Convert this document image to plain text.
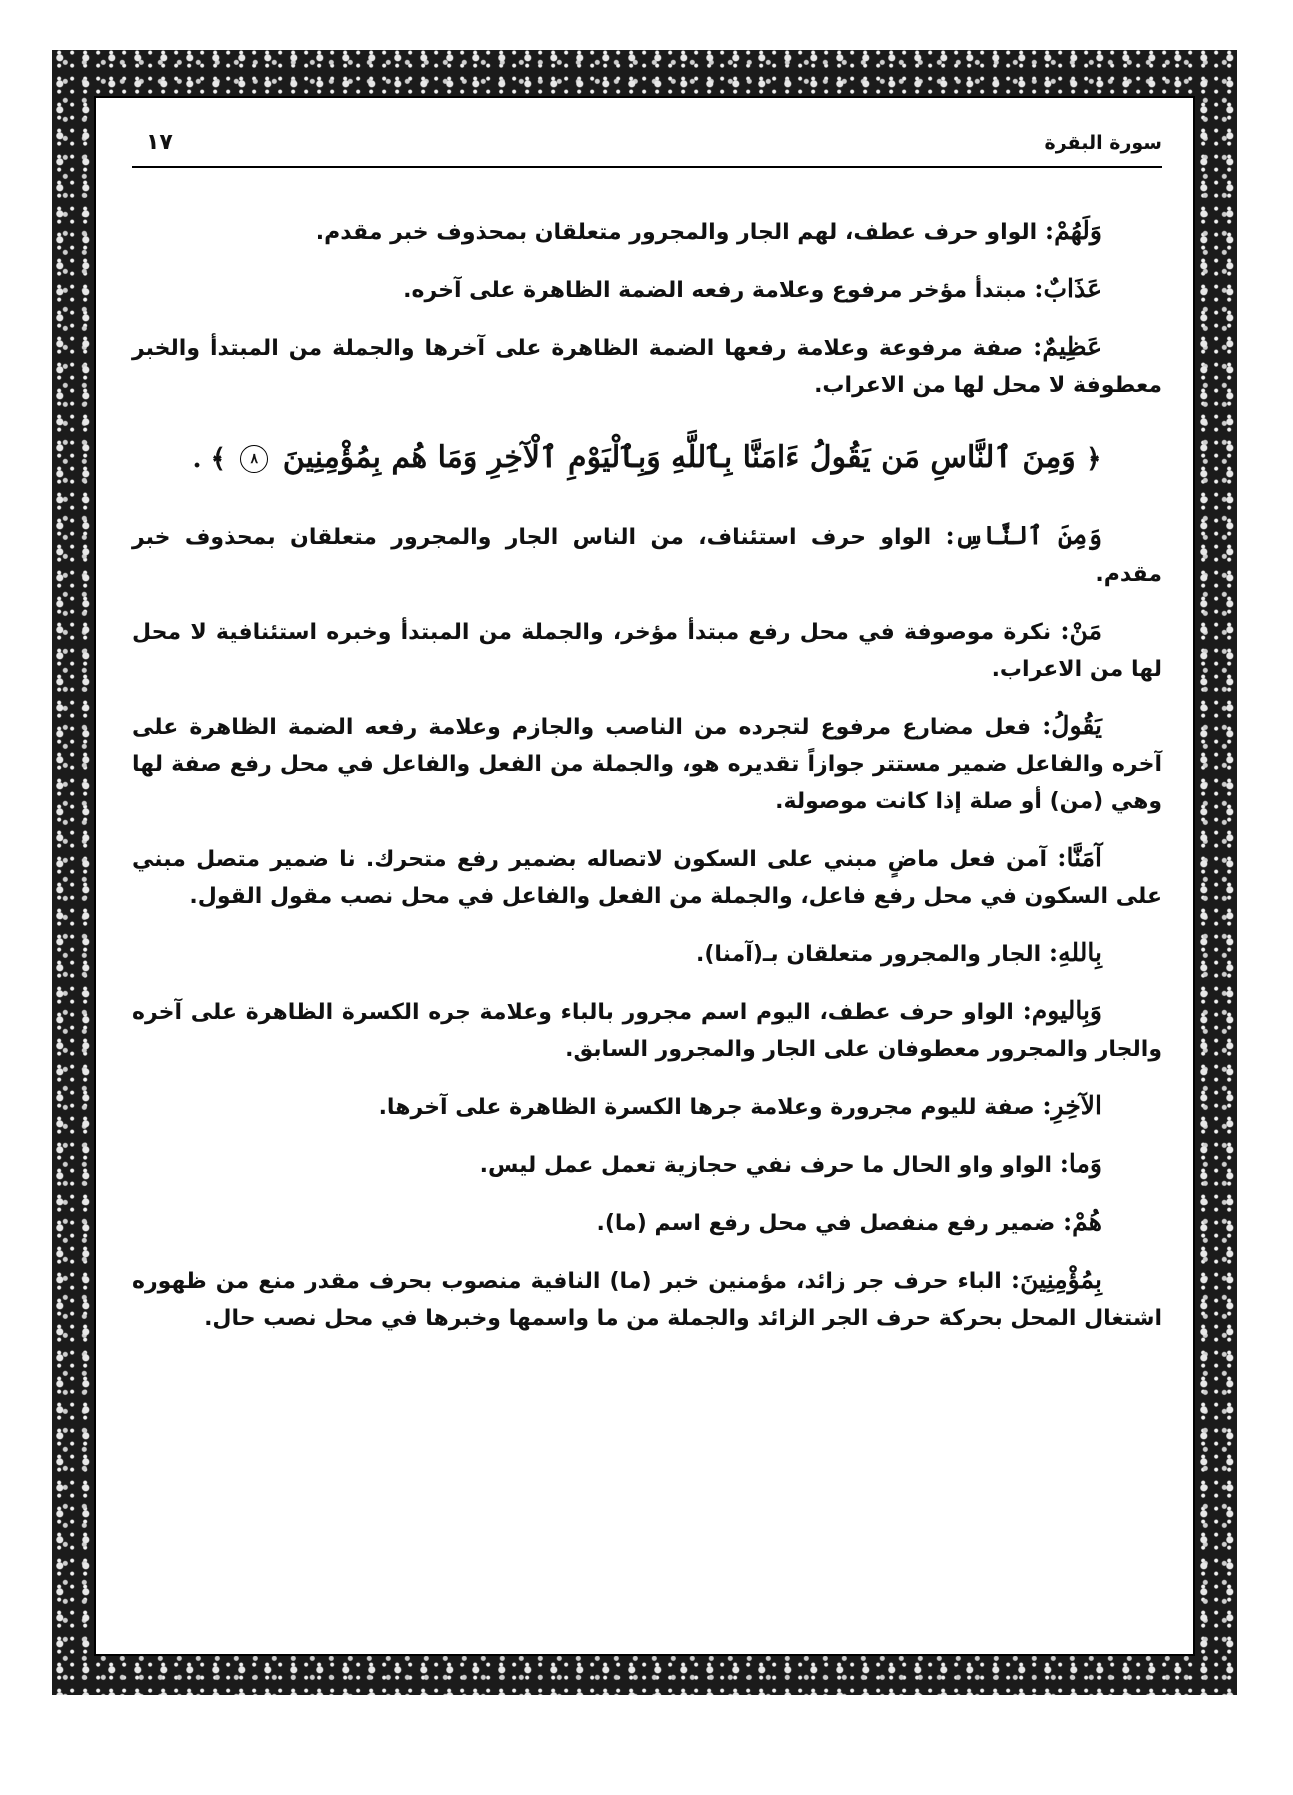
سورة البقرة
١٧

وَلَهُمْ: الواو حرف عطف، لهم الجار والمجرور متعلقان بمحذوف خبر مقدم.

عَذَابٌ: مبتدأ مؤخر مرفوع وعلامة رفعه الضمة الظاهرة على آخره.

عَظِيمٌ: صفة مرفوعة وعلامة رفعها الضمة الظاهرة على آخرها والجملة من المبتدأ والخبر معطوفة لا محل لها من الاعراب.

﴿ وَمِنَ ٱلنَّاسِ مَن يَقُولُ ءَامَنَّا بِٱللَّهِ وَبِٱلْيَوْمِ ٱلْآخِرِ وَمَا هُم بِمُؤْمِنِينَ ٨ ﴾ .

وَمِنَ ٱلنَّاسِ: الواو حرف استئناف، من الناس الجار والمجرور متعلقان بمحذوف خبر مقدم.

مَنْ: نكرة موصوفة في محل رفع مبتدأ مؤخر، والجملة من المبتدأ وخبره استئنافية لا محل لها من الاعراب.

يَقُولُ: فعل مضارع مرفوع لتجرده من الناصب والجازم وعلامة رفعه الضمة الظاهرة على آخره والفاعل ضمير مستتر جوازاً تقديره هو، والجملة من الفعل والفاعل في محل رفع صفة لها وهي (من) أو صلة إذا كانت موصولة.

آمَنَّا: آمن فعل ماضٍ مبني على السكون لاتصاله بضمير رفع متحرك. نا ضمير متصل مبني على السكون في محل رفع فاعل، والجملة من الفعل والفاعل في محل نصب مقول القول.

بِاللهِ: الجار والمجرور متعلقان بـ(آمنا).

وَبِاليوم: الواو حرف عطف، اليوم اسم مجرور بالباء وعلامة جره الكسرة الظاهرة على آخره والجار والمجرور معطوفان على الجار والمجرور السابق.

الآخِرِ: صفة لليوم مجرورة وعلامة جرها الكسرة الظاهرة على آخرها.

وَما: الواو واو الحال ما حرف نفي حجازية تعمل عمل ليس.

هُمْ: ضمير رفع منفصل في محل رفع اسم (ما).

بِمُؤْمِنِينَ: الباء حرف جر زائد، مؤمنين خبر (ما) النافية منصوب بحرف مقدر منع من ظهوره اشتغال المحل بحركة حرف الجر الزائد والجملة من ما واسمها وخبرها في محل نصب حال.
